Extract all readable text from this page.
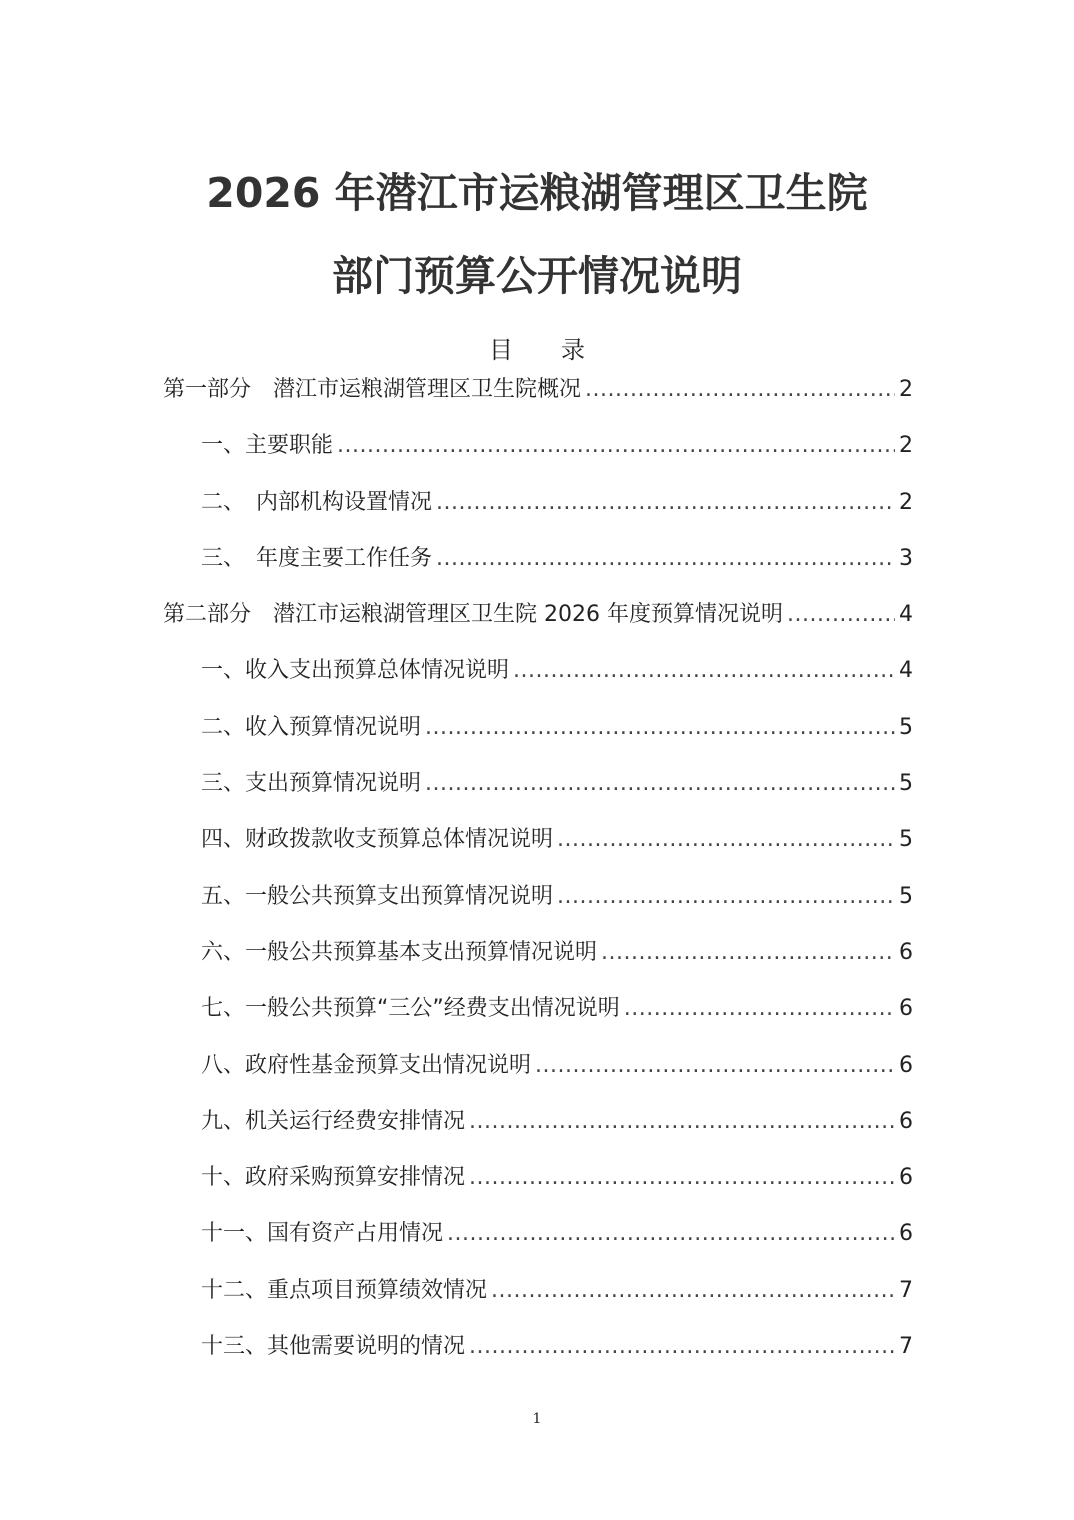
2026 年潜江市运粮湖管理区卫生院
部门预算公开情况说明
目　　录
第一部分　潜江市运粮湖管理区卫生院概况 .....	2
一、主要职能 .....	2
二、　内部机构设置情况 .....	2
三、　年度主要工作任务 .....	3
第二部分　潜江市运粮湖管理区卫生院 2026 年度预算情况说明 .....	4
一、收入支出预算总体情况说明 .....	4
二、收入预算情况说明 .....	5
三、支出预算情况说明 .....	5
四、财政拨款收支预算总体情况说明 .....	5
五、一般公共预算支出预算情况说明 .....	5
六、一般公共预算基本支出预算情况说明 .....	6
七、一般公共预算“三公”经费支出情况说明 .....	6
八、政府性基金预算支出情况说明 .....	6
九、机关运行经费安排情况 .....	6
十、政府采购预算安排情况 .....	6
十一、国有资产占用情况 .....	6
十二、重点项目预算绩效情况 .....	7
十三、其他需要说明的情况 .....	7
1
